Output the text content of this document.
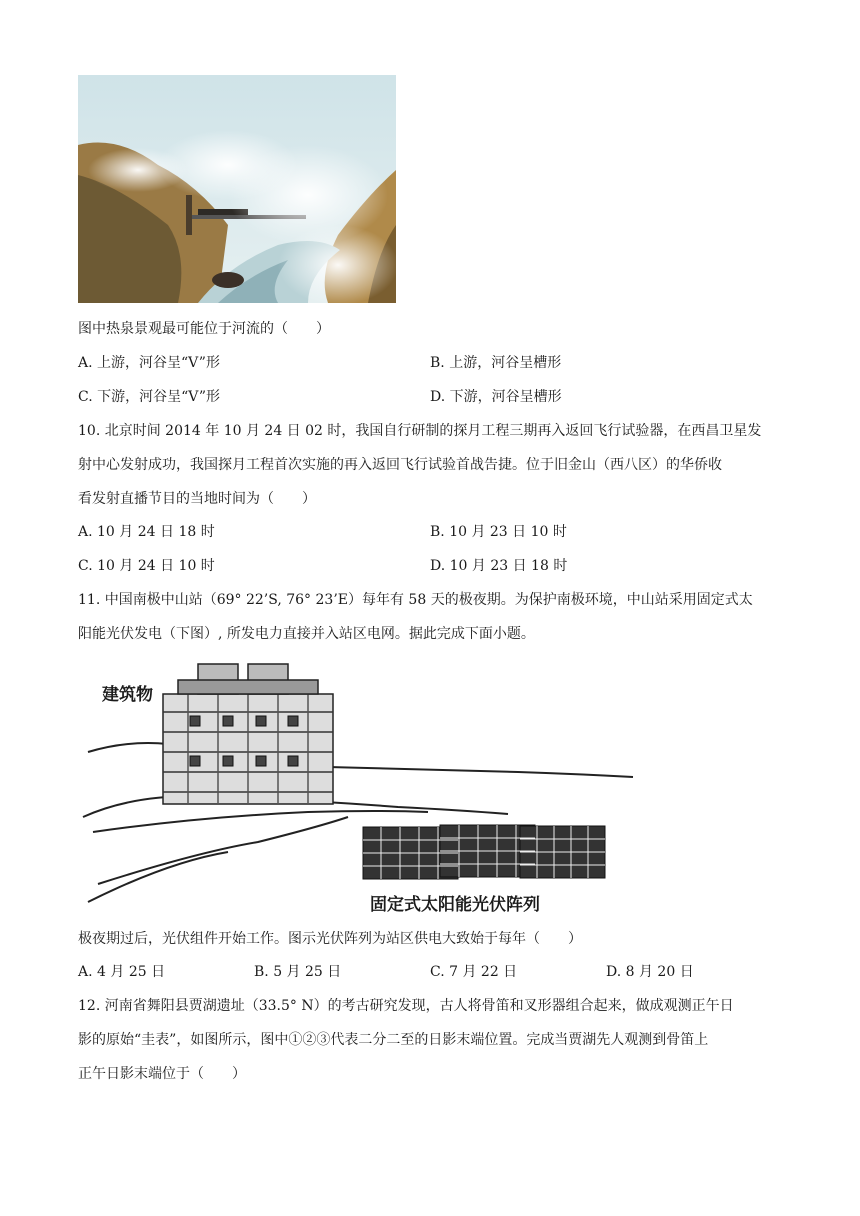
图中热泉景观最可能位于河流的（　　）
A. 上游，河谷呈“V”形	B. 上游，河谷呈槽形
C. 下游，河谷呈“V”形	D. 下游，河谷呈槽形
10. 北京时间 2014 年 10 月 24 日 02 时，我国自行研制的探月工程三期再入返回飞行试验器，在西昌卫星发
射中心发射成功，我国探月工程首次实施的再入返回飞行试验首战告捷。位于旧金山（西八区）的华侨收
看发射直播节目的当地时间为（　　）
A. 10 月 24 日 18 时	B. 10 月 23 日 10 时
C. 10 月 24 日 10 时	D. 10 月 23 日 18 时
11. 中国南极中山站（69° 22’S, 76° 23’E）每年有 58 天的极夜期。为保护南极环境，中山站采用固定式太
阳能光伏发电（下图）, 所发电力直接并入站区电网。据此完成下面小题。
建筑物
固定式太阳能光伏阵列
极夜期过后，光伏组件开始工作。图示光伏阵列为站区供电大致始于每年（　　）
A. 4 月 25 日	B. 5 月 25 日	C. 7 月 22 日	D. 8 月 20 日
12. 河南省舞阳县贾湖遗址（33.5° N）的考古研究发现，古人将骨笛和叉形器组合起来，做成观测正午日
影的原始“圭表”，如图所示，图中①②③代表二分二至的日影末端位置。完成当贾湖先人观测到骨笛上
正午日影末端位于（　　）
